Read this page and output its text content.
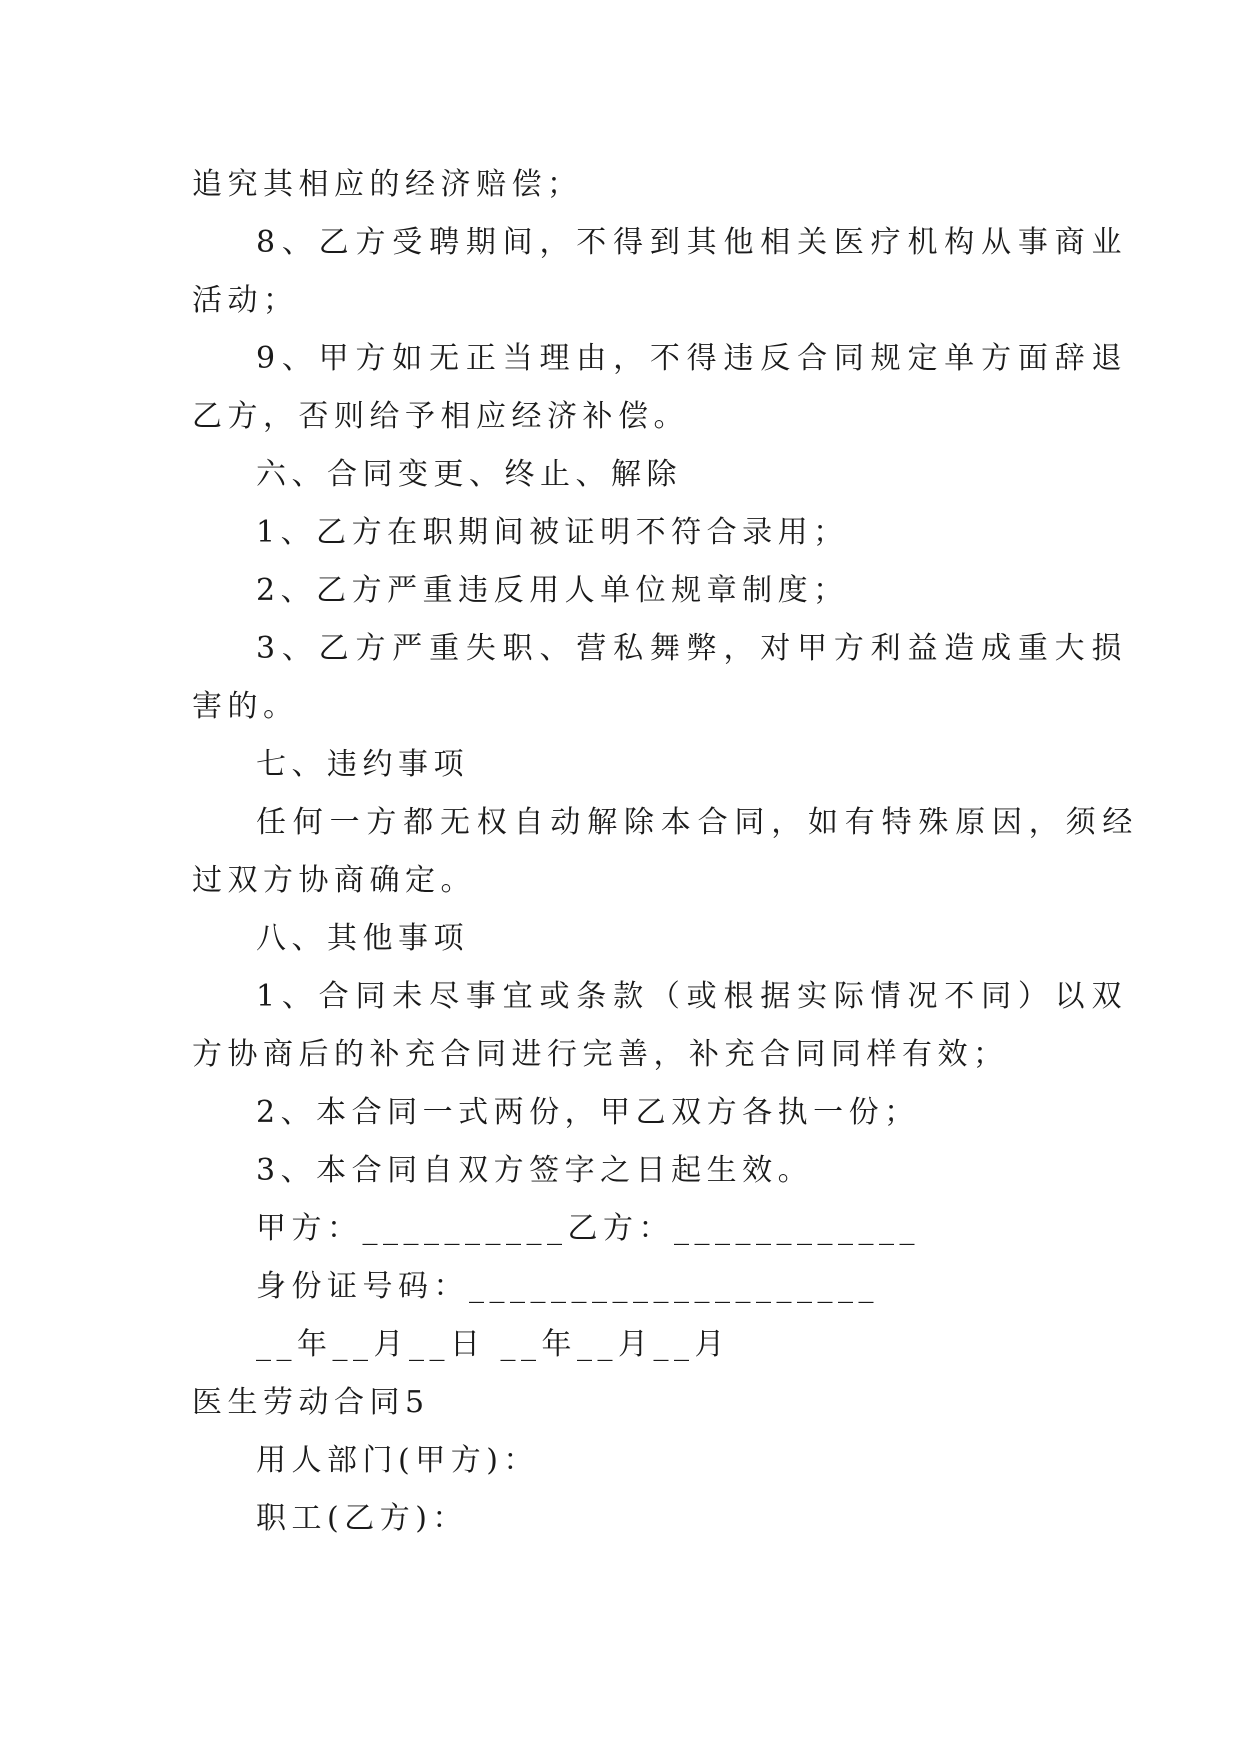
追究其相应的经济赔偿；
8、乙方受聘期间，不得到其他相关医疗机构从事商业
活动；
9、甲方如无正当理由，不得违反合同规定单方面辞退
乙方，否则给予相应经济补偿。
六、合同变更、终止、解除
1、乙方在职期间被证明不符合录用；
2、乙方严重违反用人单位规章制度；
3、乙方严重失职、营私舞弊，对甲方利益造成重大损
害的。
七、违约事项
任何一方都无权自动解除本合同，如有特殊原因，须经
过双方协商确定。
八、其他事项
1、合同未尽事宜或条款（或根据实际情况不同）以双
方协商后的补充合同进行完善，补充合同同样有效；
2、本合同一式两份，甲乙双方各执一份；
3、本合同自双方签字之日起生效。
甲方：__________乙方：____________
身份证号码：____________________
__年__月__日 __年__月__月
医生劳动合同5
用人部门(甲方)：
职工(乙方)：
